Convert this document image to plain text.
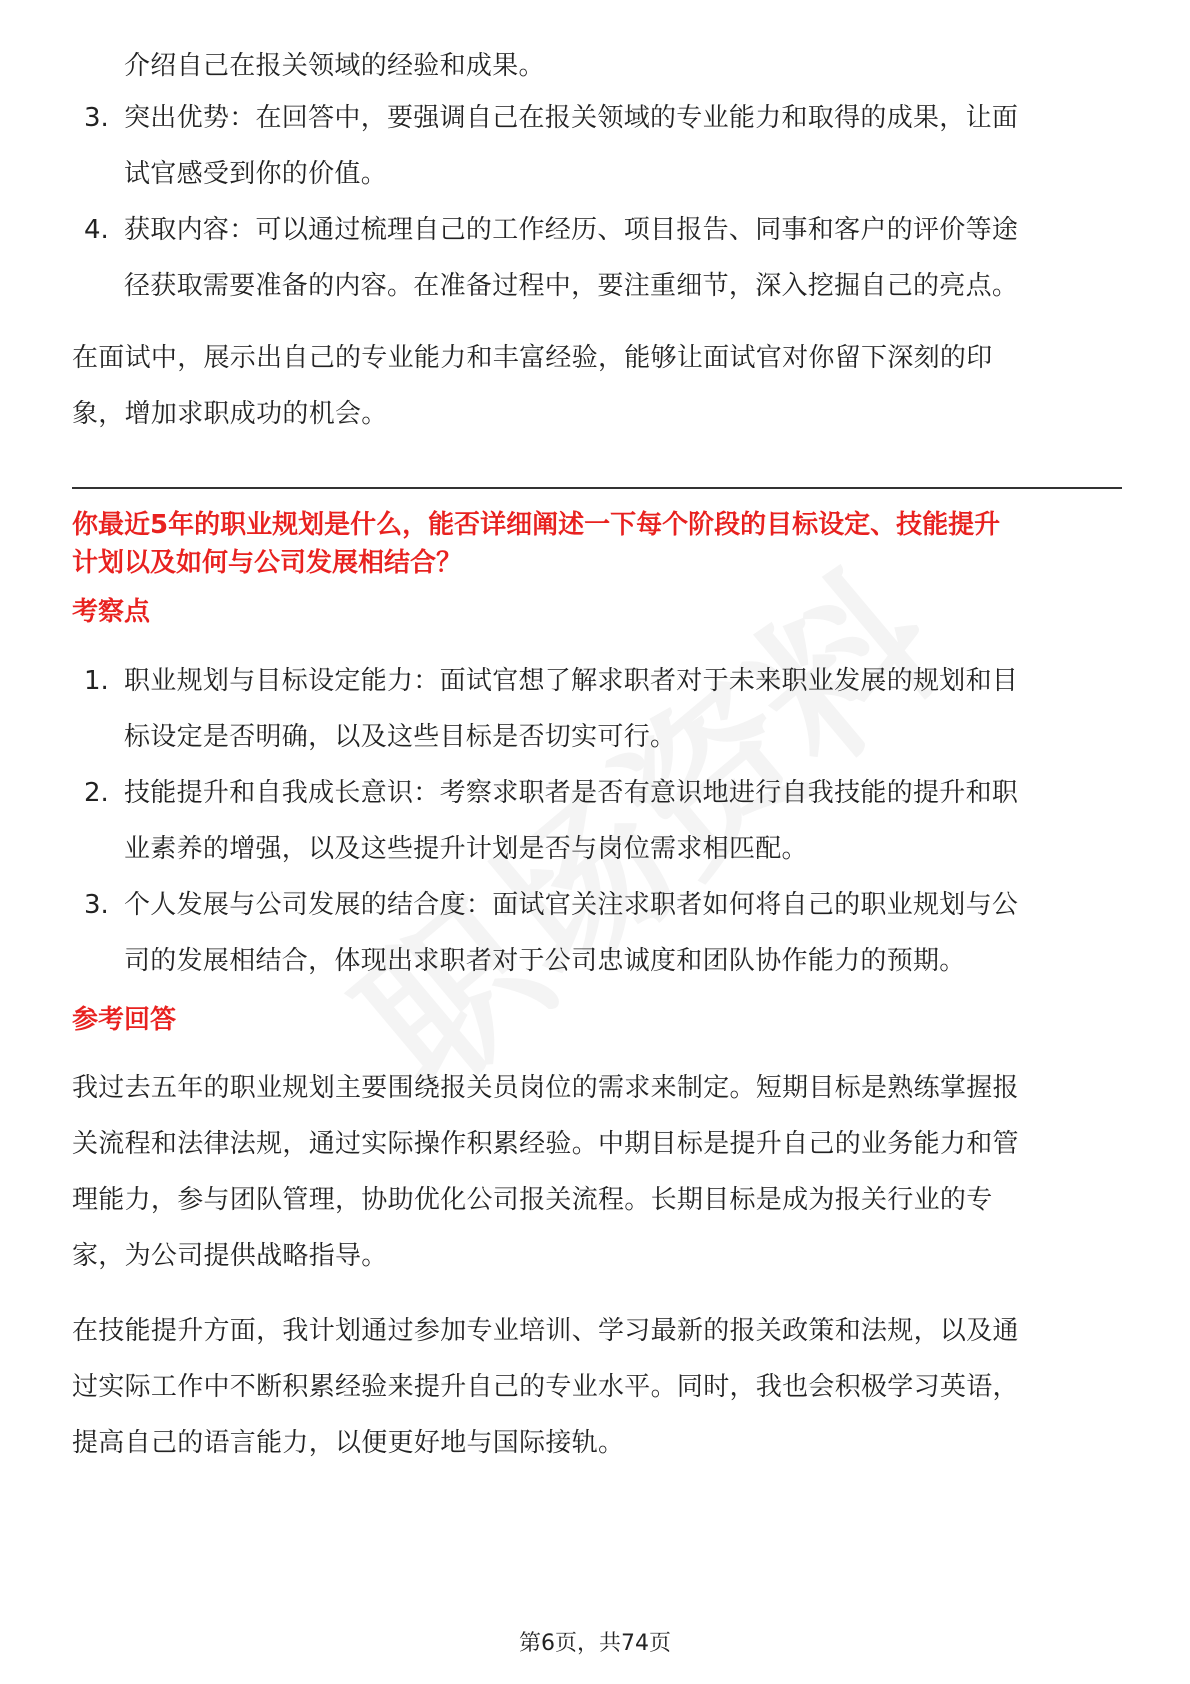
介绍自己在报关领域的经验和成果。
3. 突出优势：在回答中，要强调自己在报关领域的专业能力和取得的成果，让面
试官感受到你的价值。
4. 获取内容：可以通过梳理自己的工作经历、项目报告、同事和客户的评价等途
径获取需要准备的内容。在准备过程中，要注重细节，深入挖掘自己的亮点。
在面试中，展示出自己的专业能力和丰富经验，能够让面试官对你留下深刻的印
象，增加求职成功的机会。
你最近5年的职业规划是什么，能否详细阐述一下每个阶段的目标设定、技能提升
计划以及如何与公司发展相结合？
考察点
1. 职业规划与目标设定能力：面试官想了解求职者对于未来职业发展的规划和目
标设定是否明确，以及这些目标是否切实可行。
2. 技能提升和自我成长意识：考察求职者是否有意识地进行自我技能的提升和职
业素养的增强，以及这些提升计划是否与岗位需求相匹配。
3. 个人发展与公司发展的结合度：面试官关注求职者如何将自己的职业规划与公
司的发展相结合，体现出求职者对于公司忠诚度和团队协作能力的预期。
参考回答
我过去五年的职业规划主要围绕报关员岗位的需求来制定。短期目标是熟练掌握报
关流程和法律法规，通过实际操作积累经验。中期目标是提升自己的业务能力和管
理能力，参与团队管理，协助优化公司报关流程。长期目标是成为报关行业的专
家，为公司提供战略指导。
在技能提升方面，我计划通过参加专业培训、学习最新的报关政策和法规，以及通
过实际工作中不断积累经验来提升自己的专业水平。同时，我也会积极学习英语，
提高自己的语言能力，以便更好地与国际接轨。
第6页，共74页
